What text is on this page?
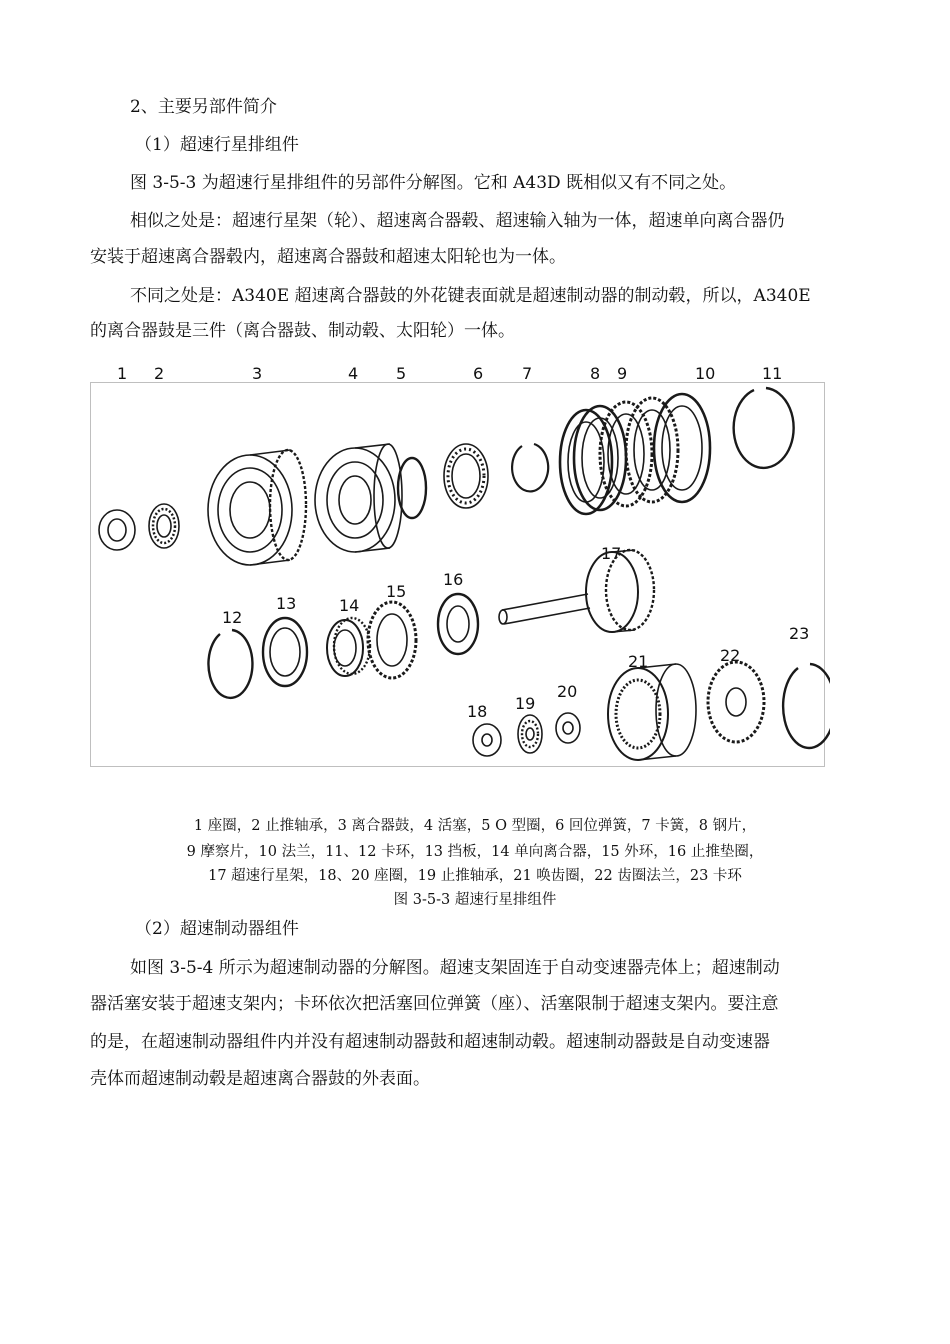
2、主要另部件简介

（1）超速行星排组件

图 3-5-3 为超速行星排组件的另部件分解图。它和 A43D 既相似又有不同之处。

相似之处是：超速行星架（轮）、超速离合器毂、超速输入轴为一体，超速单向离合器仍

安装于超速离合器毂内，超速离合器鼓和超速太阳轮也为一体。

不同之处是：A340E 超速离合器鼓的外花键表面就是超速制动器的制动毂，所以，A340E

的离合器鼓是三件（离合器鼓、制动毂、太阳轮）一体。

1 2	3	4 5	6 7	8 9	10	11
12
13	14
15
16
17
18 19
20
21	22
23

1 座圈，2 止推轴承，3 离合器鼓，4 活塞，5 O 型圈，6 回位弹簧，7 卡簧，8 钢片，

9 摩察片，10 法兰，11、12 卡环，13 挡板，14 单向离合器，15 外环，16 止推垫圈，

17 超速行星架，18、20 座圈，19 止推轴承，21 唤齿圈，22 齿圈法兰，23 卡环

图 3-5-3 超速行星排组件

（2）超速制动器组件

如图 3-5-4 所示为超速制动器的分解图。超速支架固连于自动变速器壳体上；超速制动

器活塞安装于超速支架内；卡环依次把活塞回位弹簧（座）、活塞限制于超速支架内。要注意

的是，在超速制动器组件内并没有超速制动器鼓和超速制动毂。超速制动器鼓是自动变速器

壳体而超速制动毂是超速离合器鼓的外表面。
